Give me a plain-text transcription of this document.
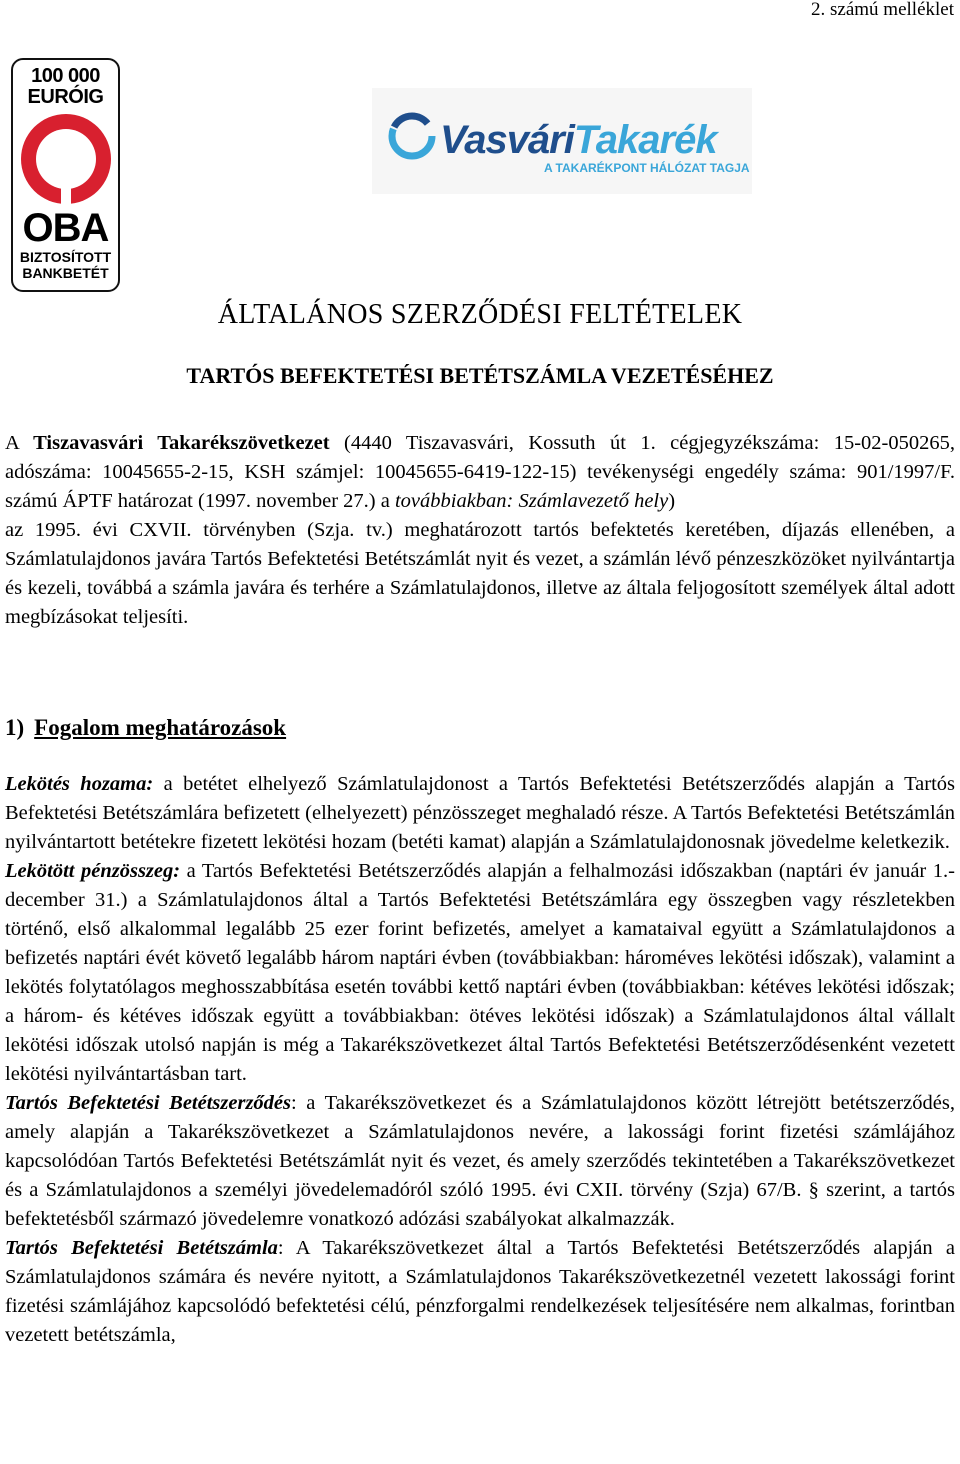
2. számú melléklet
100 000
EURÓIG
OBA
BIZTOSÍTOTT
BANKBETÉT
VasváriTakarék
A TAKARÉKPONT HÁLÓZAT TAGJA
ÁLTALÁNOS SZERZŐDÉSI FELTÉTELEK
TARTÓS BEFEKTETÉSI BETÉTSZÁMLA VEZETÉSÉHEZ
A Tiszavasvári Takarékszövetkezet (4440 Tiszavasvári, Kossuth út 1. cégjegyzékszáma: 15-02-050265, adószáma: 10045655-2-15, KSH számjel: 10045655-6419-122-15) tevékenységi engedély száma: 901/1997/F. számú ÁPTF határozat (1997. november 27.) a továbbiakban: Számlavezető hely)
az 1995. évi CXVII. törvényben (Szja. tv.) meghatározott tartós befektetés keretében, díjazás ellenében, a Számlatulajdonos javára Tartós Befektetési Betétszámlát nyit és vezet, a számlán lévő pénzeszközöket nyilvántartja és kezeli, továbbá a számla javára és terhére a Számlatulajdonos, illetve az általa feljogosított személyek által adott megbízásokat teljesíti.
1) Fogalom meghatározások
Lekötés hozama: a betétet elhelyező Számlatulajdonost a Tartós Befektetési Betétszerződés alapján a Tartós Befektetési Betétszámlára befizetett (elhelyezett) pénzösszeget meghaladó része. A Tartós Befektetési Betétszámlán nyilvántartott betétekre fizetett lekötési hozam (betéti kamat) alapján a Számlatulajdonosnak jövedelme keletkezik.
Lekötött pénzösszeg: a Tartós Befektetési Betétszerződés alapján a felhalmozási időszakban (naptári év január 1.- december 31.) a Számlatulajdonos által a Tartós Befektetési Betétszámlára egy összegben vagy részletekben történő, első alkalommal legalább 25 ezer forint befizetés, amelyet a kamataival együtt a Számlatulajdonos a befizetés naptári évét követő legalább három naptári évben (továbbiakban: hároméves lekötési időszak), valamint a lekötés folytatólagos meghosszabbítása esetén további kettő naptári évben (továbbiakban: kétéves lekötési időszak; a három- és kétéves időszak együtt a továbbiakban: ötéves lekötési időszak) a Számlatulajdonos által vállalt lekötési időszak utolsó napján is még a Takarékszövetkezet által Tartós Befektetési Betétszerződésenként vezetett lekötési nyilvántartásban tart.
Tartós Befektetési Betétszerződés: a Takarékszövetkezet és a Számlatulajdonos között létrejött betétszerződés, amely alapján a Takarékszövetkezet a Számlatulajdonos nevére, a lakossági forint fizetési számlájához kapcsolódóan Tartós Befektetési Betétszámlát nyit és vezet, és amely szerződés tekintetében a Takarékszövetkezet és a Számlatulajdonos a személyi jövedelemadóról szóló 1995. évi CXII. törvény (Szja) 67/B. § szerint, a tartós befektetésből származó jövedelemre vonatkozó adózási szabályokat alkalmazzák.
Tartós Befektetési Betétszámla: A Takarékszövetkezet által a Tartós Befektetési Betétszerződés alapján a Számlatulajdonos számára és nevére nyitott, a Számlatulajdonos Takarékszövetkezetnél vezetett lakossági forint fizetési számlájához kapcsolódó befektetési célú, pénzforgalmi rendelkezések teljesítésére nem alkalmas, forintban vezetett betétszámla,
